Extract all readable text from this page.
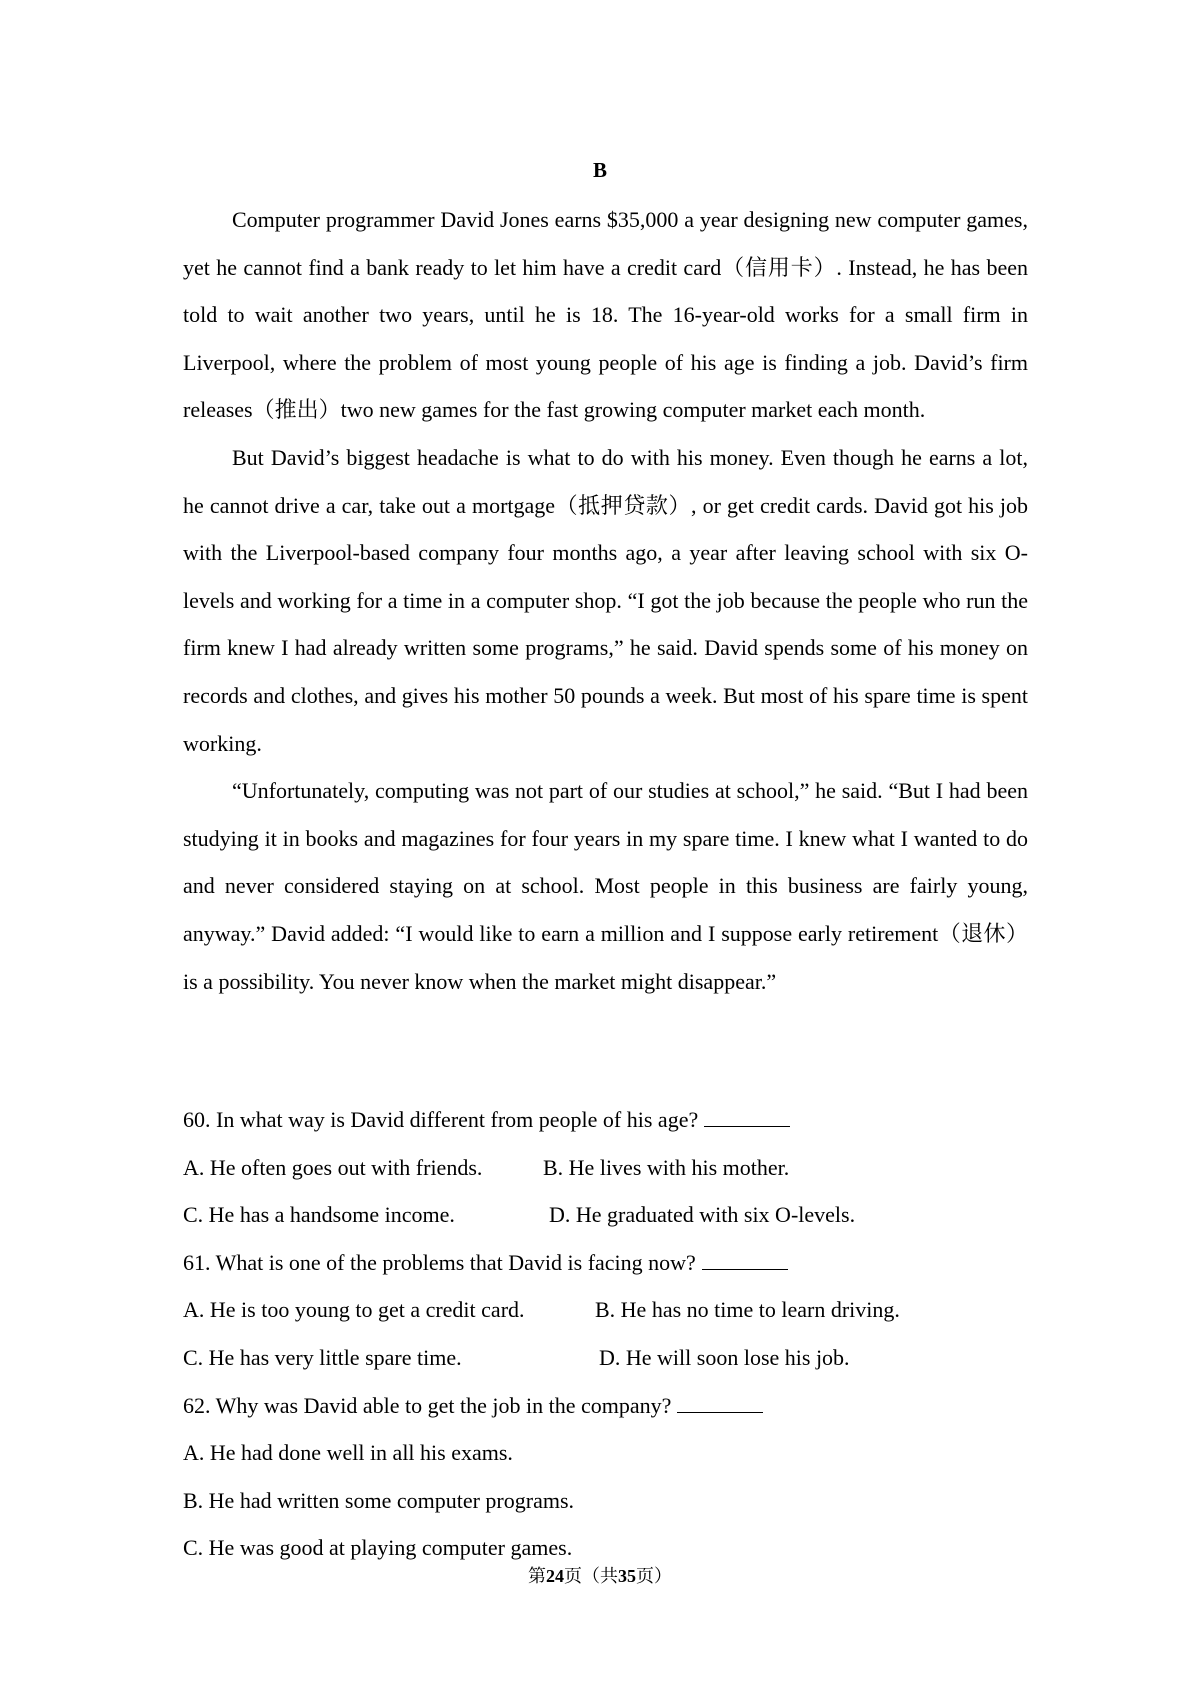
B

Computer programmer David Jones earns $35,000 a year designing new computer games, yet he cannot find a bank ready to let him have a credit card（信用卡）. Instead, he has been told to wait another two years, until he is 18. The 16-year-old works for a small firm in Liverpool, where the problem of most young people of his age is finding a job. David’s firm releases（推出）two new games for the fast growing computer market each month.

But David’s biggest headache is what to do with his money. Even though he earns a lot, he cannot drive a car, take out a mortgage（抵押贷款）, or get credit cards. David got his job with the Liverpool-based company four months ago, a year after leaving school with six O-levels and working for a time in a computer shop. “I got the job because the people who run the firm knew I had already written some programs,” he said. David spends some of his money on records and clothes, and gives his mother 50 pounds a week. But most of his spare time is spent working.

“Unfortunately, computing was not part of our studies at school,” he said. “But I had been studying it in books and magazines for four years in my spare time. I knew what I wanted to do and never considered staying on at school. Most people in this business are fairly young, anyway.” David added: “I would like to earn a million and I suppose early retirement（退休）is a possibility. You never know when the market might disappear.”

60. In what way is David different from people of his age?
A. He often goes out with friends.	B. He lives with his mother.
C. He has a handsome income.	D. He graduated with six O-levels.
61. What is one of the problems that David is facing now?
A. He is too young to get a credit card.	B. He has no time to learn driving.
C. He has very little spare time.	D. He will soon lose his job.
62. Why was David able to get the job in the company?
A. He had done well in all his exams.
B. He had written some computer programs.
C. He was good at playing computer games.
第24页（共35页）
